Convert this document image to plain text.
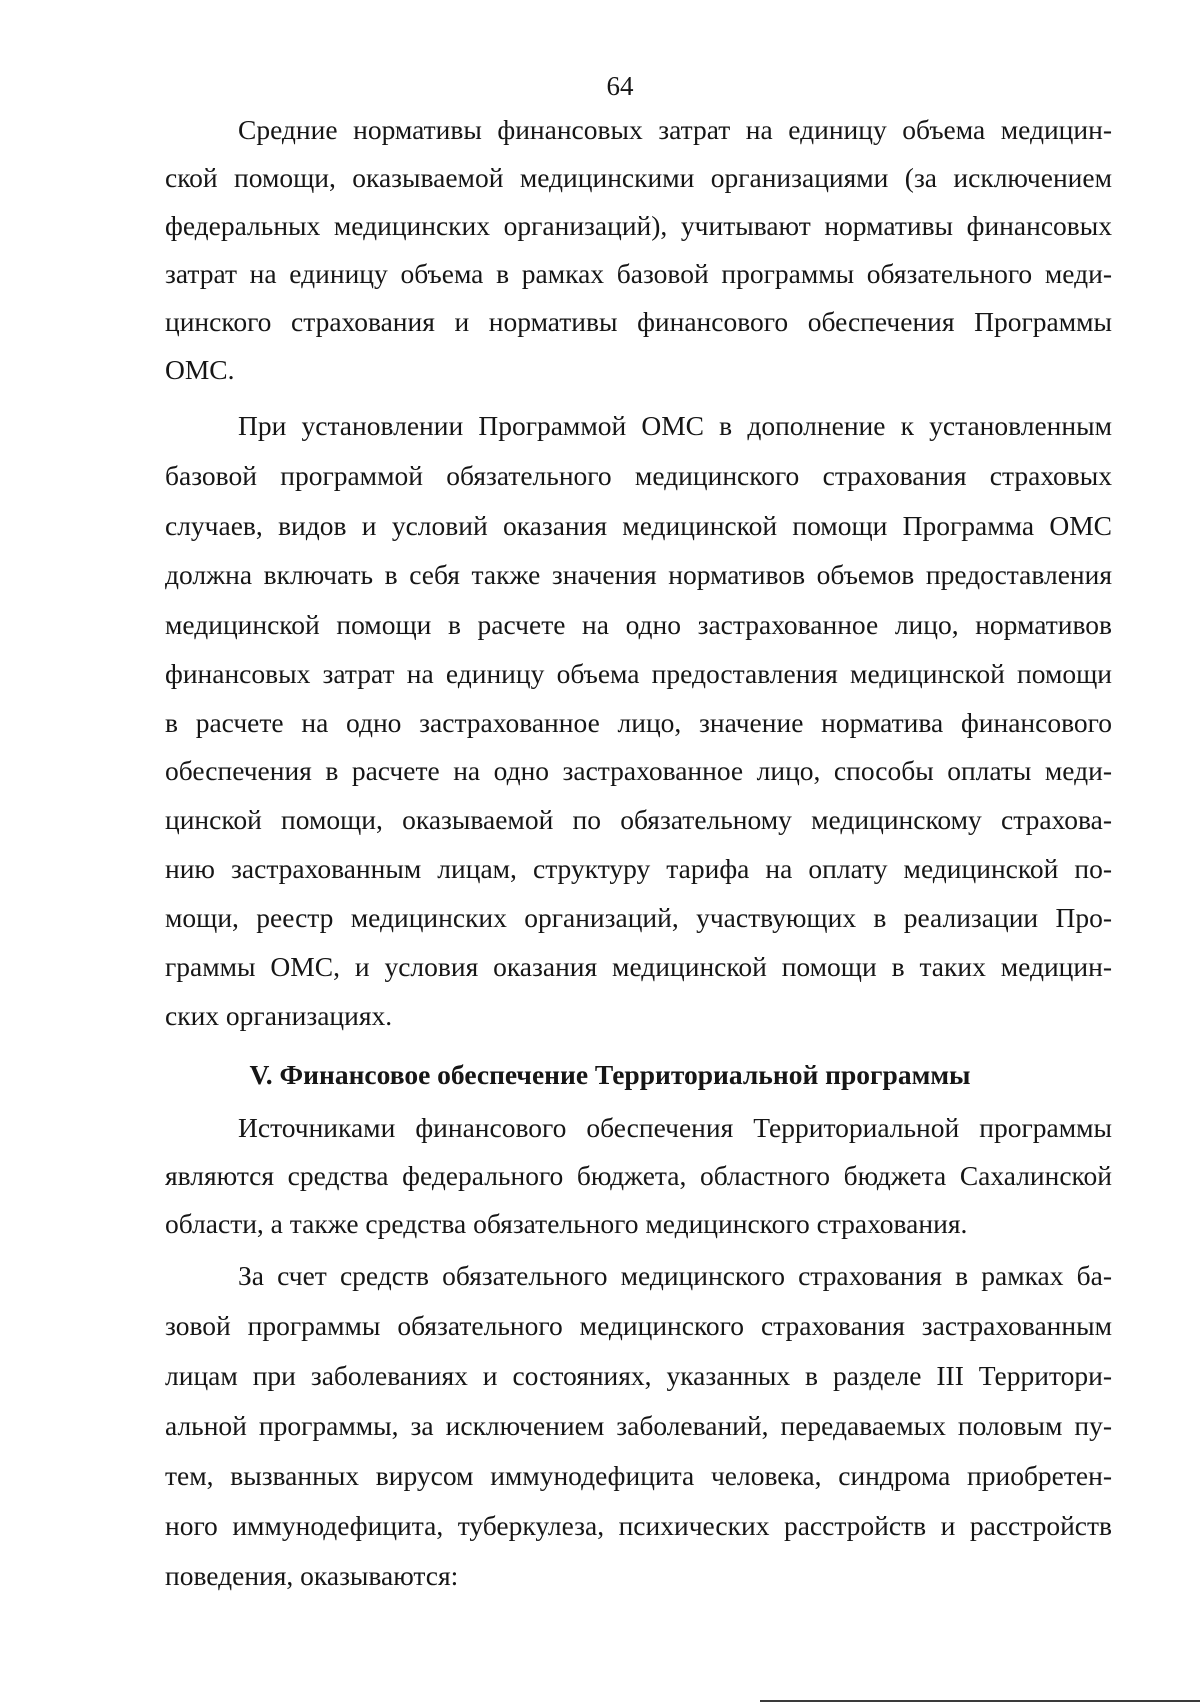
64
Средние нормативы финансовых затрат на единицу объема медицин-
ской помощи, оказываемой медицинскими организациями (за исключением
федеральных медицинских организаций), учитывают нормативы финансовых
затрат на единицу объема в рамках базовой программы обязательного меди-
цинского страхования и нормативы финансового обеспечения Программы
ОМС.
При установлении Программой ОМС в дополнение к установленным
базовой программой обязательного медицинского страхования страховых
случаев, видов и условий оказания медицинской помощи Программа ОМС
должна включать в себя также значения нормативов объемов предоставления
медицинской помощи в расчете на одно застрахованное лицо, нормативов
финансовых затрат на единицу объема предоставления медицинской помощи
в расчете на одно застрахованное лицо, значение норматива финансового
обеспечения в расчете на одно застрахованное лицо, способы оплаты меди-
цинской помощи, оказываемой по обязательному медицинскому страхова-
нию застрахованным лицам, структуру тарифа на оплату медицинской по-
мощи, реестр медицинских организаций, участвующих в реализации Про-
граммы ОМС, и условия оказания медицинской помощи в таких медицин-
ских организациях.
V. Финансовое обеспечение Территориальной программы
Источниками финансового обеспечения Территориальной программы
являются средства федерального бюджета, областного бюджета Сахалинской
области, а также средства обязательного медицинского страхования.
За счет средств обязательного медицинского страхования в рамках ба-
зовой программы обязательного медицинского страхования застрахованным
лицам при заболеваниях и состояниях, указанных в разделе III Территори-
альной программы, за исключением заболеваний, передаваемых половым пу-
тем, вызванных вирусом иммунодефицита человека, синдрома приобретен-
ного иммунодефицита, туберкулеза, психических расстройств и расстройств
поведения, оказываются:
